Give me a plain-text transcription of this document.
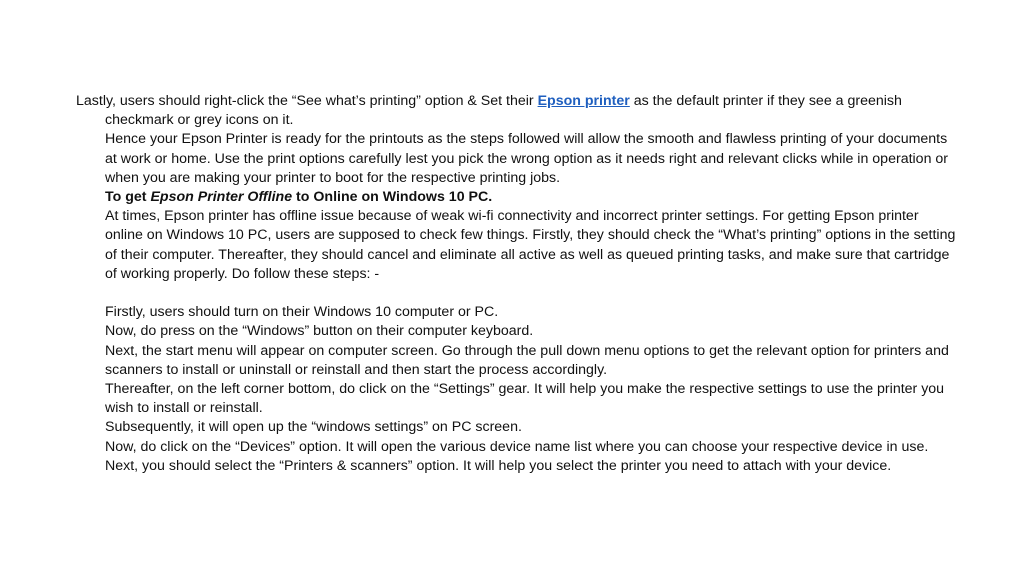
Lastly, users should right-click the “See what’s printing” option & Set their Epson printer as the default printer if they see a greenish checkmark or grey icons on it.

Hence your Epson Printer is ready for the printouts as the steps followed will allow the smooth and flawless printing of your documents at work or home. Use the print options carefully lest you pick the wrong option as it needs right and relevant clicks while in operation or when you are making your printer to boot for the respective printing jobs.

To get Epson Printer Offline to Online on Windows 10 PC.

At times, Epson printer has offline issue because of weak wi-fi connectivity and incorrect printer settings. For getting Epson printer online on Windows 10 PC, users are supposed to check few things. Firstly, they should check the “What’s printing” options in the setting of their computer. Thereafter, they should cancel and eliminate all active as well as queued printing tasks, and make sure that cartridge of working properly. Do follow these steps: -

Firstly, users should turn on their Windows 10 computer or PC.

Now, do press on the “Windows” button on their computer keyboard.

Next, the start menu will appear on computer screen. Go through the pull down menu options to get the relevant option for printers and scanners to install or uninstall or reinstall and then start the process accordingly.

Thereafter, on the left corner bottom, do click on the “Settings” gear. It will help you make the respective settings to use the printer you wish to install or reinstall.

Subsequently, it will open up the “windows settings” on PC screen.

Now, do click on the “Devices” option. It will open the various device name list where you can choose your respective device in use.

Next, you should select the “Printers & scanners” option. It will help you select the printer you need to attach with your device.
